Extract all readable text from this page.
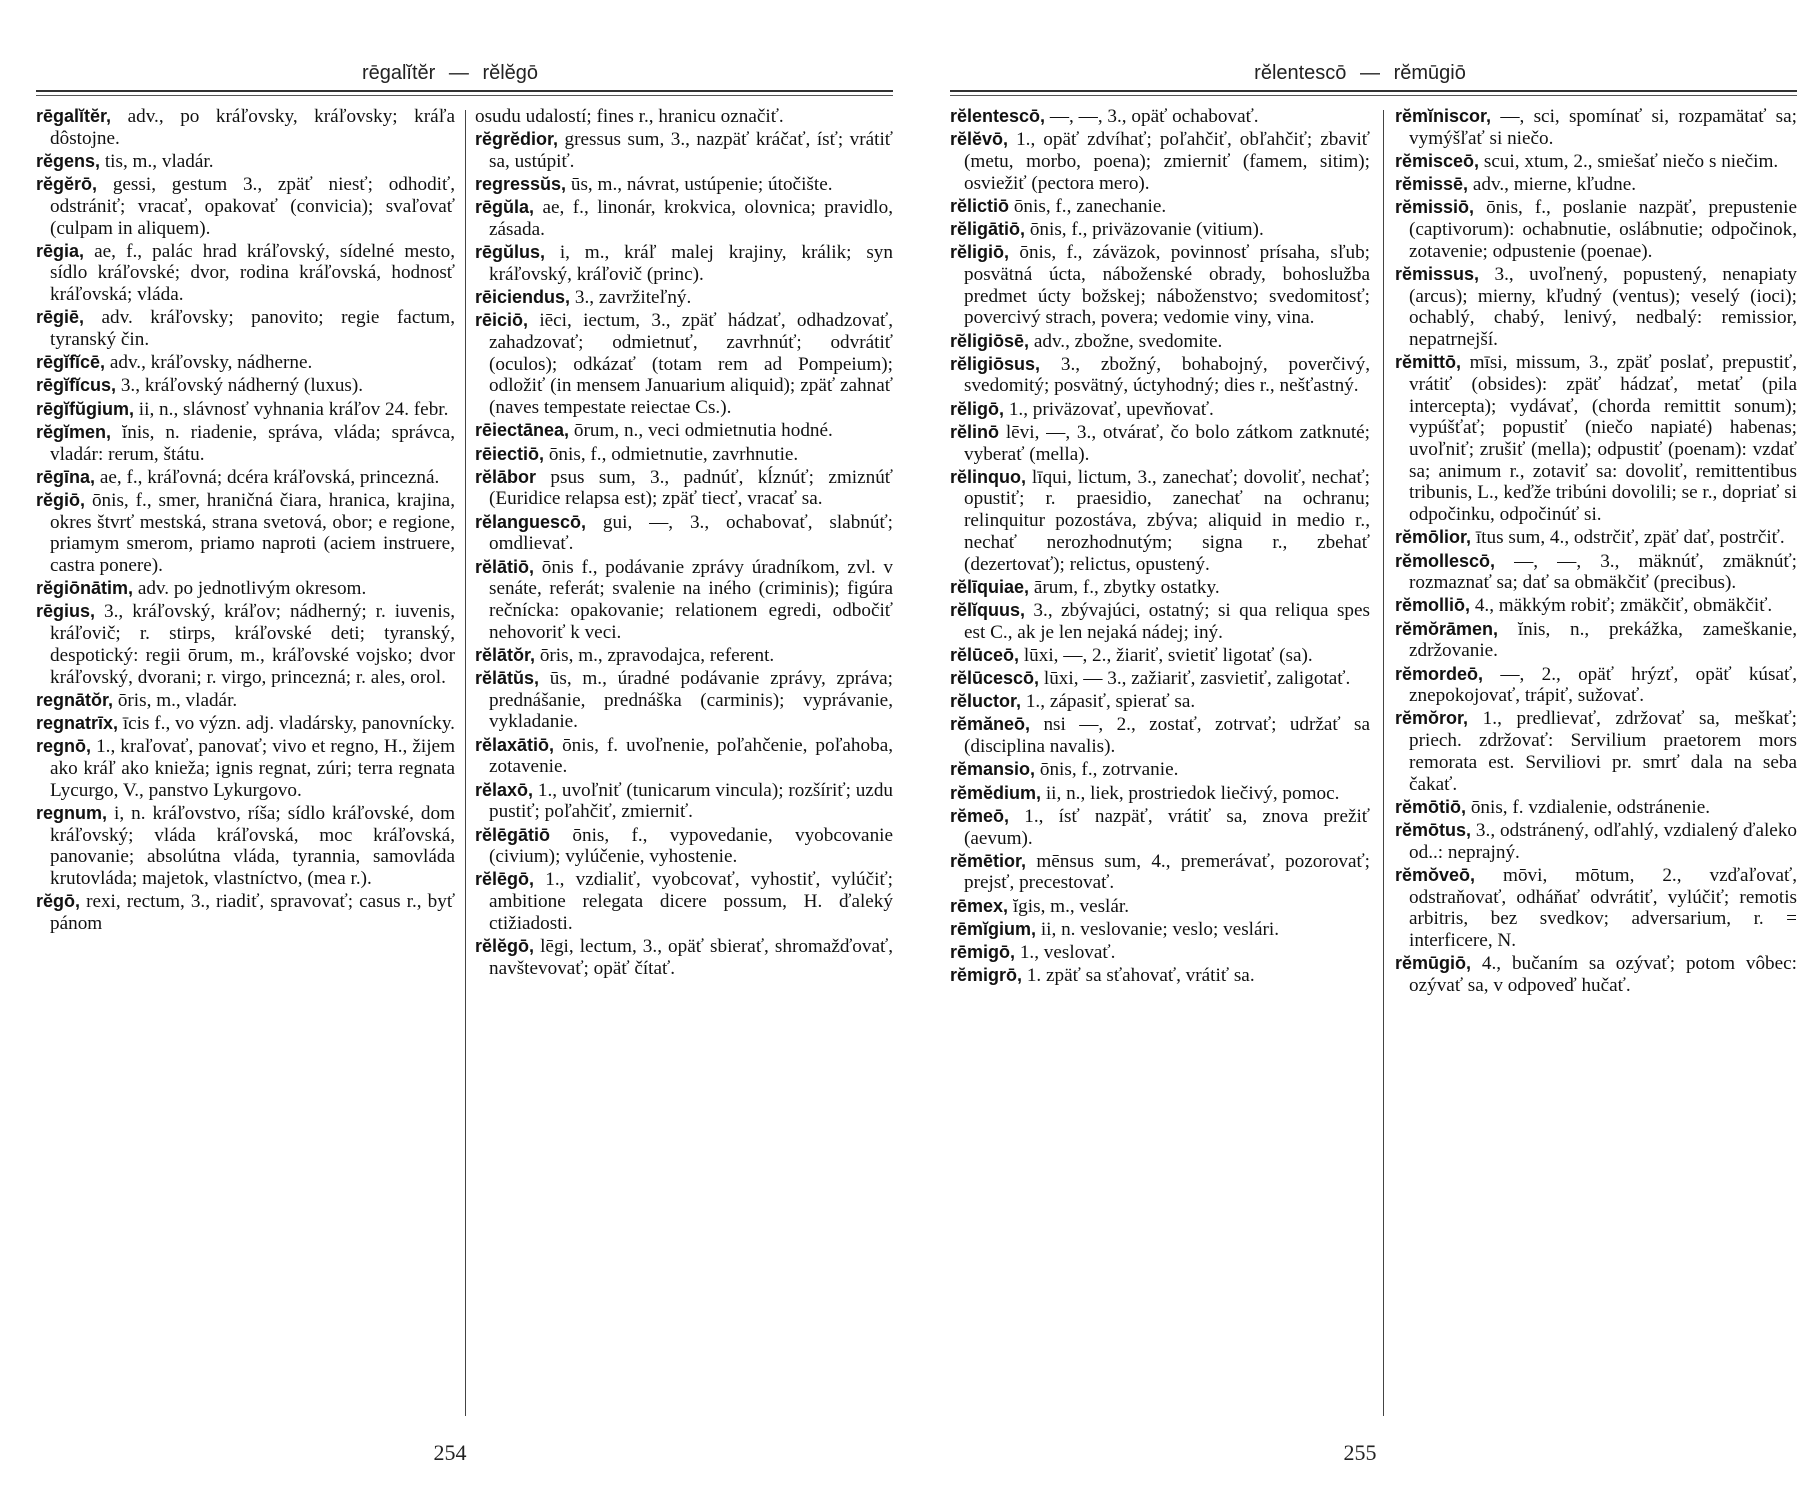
rēgalĭtĕr — rĕlĕgō

rēgalĭtĕr, adv., po kráľovsky, kráľovsky; kráľa dôstojne.

rĕgens, tis, m., vladár.

rĕgĕrō, gessi, gestum 3., zpäť niesť; odhodiť, odstrániť; vracať, opakovať (convicia); svaľovať (culpam in aliquem).

rēgia, ae, f., palác hrad kráľovský, sídelné mesto, sídlo kráľovské; dvor, rodina kráľovská, hodnosť kráľovská; vláda.

rēgiē, adv. kráľovsky; panovito; regie factum, tyranský čin.

rēgĭfĭcē, adv., kráľovsky, nádherne.

rēgĭfĭcus, 3., kráľovský nádherný (luxus).

rēgĭfŭgium, ii, n., slávnosť vyhnania kráľov 24. febr.

rĕgĭmen, ĭnis, n. riadenie, správa, vláda; správca, vladár: rerum, štátu.

rēgīna, ae, f., kráľovná; dcéra kráľovská, princezná.

rĕgiō, ōnis, f., smer, hraničná čiara, hranica, krajina, okres štvrť mestská, strana svetová, obor; e regione, priamym smerom, priamo naproti (aciem instruere, castra ponere).

rĕgiōnātim, adv. po jednotlivým okresom.

rēgius, 3., kráľovský, kráľov; nádherný; r. iuvenis, kráľovič; r. stirps, kráľovské deti; tyranský, despotický: regii ōrum, m., kráľovské vojsko; dvor kráľovský, dvorani; r. virgo, princezná; r. ales, orol.

regnātŏr, ōris, m., vladár.

regnatrīx, īcis f., vo význ. adj. vladársky, panovnícky.

regnō, 1., kraľovať, panovať; vivo et regno, H., žijem ako kráľ ako knieža; ignis regnat, zúri; terra regnata Lycurgo, V., panstvo Lykurgovo.

regnum, i, n. kráľovstvo, ríša; sídlo kráľovské, dom kráľovský; vláda kráľovská, moc kráľovská, panovanie; absolútna vláda, tyrannia, samovláda krutovláda; majetok, vlastníctvo, (mea r.).

rĕgō, rexi, rectum, 3., riadiť, spravovať; casus r., byť pánom

osudu udalostí; fines r., hranicu označiť.

rĕgrĕdior, gressus sum, 3., nazpäť kráčať, ísť; vrátiť sa, ustúpiť.

regressŭs, ūs, m., návrat, ustúpenie; útočište.

rēgŭla, ae, f., linonár, krokvica, olovnica; pravidlo, zásada.

rēgŭlus, i, m., kráľ malej krajiny, králik; syn kráľovský, kráľovič (princ).

rēiciendus, 3., zavržiteľný.

rēiciō, iēci, iectum, 3., zpäť hádzať, odhadzovať, zahadzovať; odmietnuť, zavrhnúť; odvrátiť (oculos); odkázať (totam rem ad Pompeium); odložiť (in mensem Januarium aliquid); zpäť zahnať (naves tempestate reiectae Cs.).

rēiectānea, ōrum, n., veci odmietnutia hodné.

rēiectiō, ōnis, f., odmietnutie, zavrhnutie.

rĕlābor psus sum, 3., padnúť, kĺznúť; zmiznúť (Euridice relapsa est); zpäť tiecť, vracať sa.

rĕlanguescō, gui, —, 3., ochabovať, slabnúť; omdlievať.

rĕlātiō, ōnis f., podávanie zprávy úradníkom, zvl. v senáte, referát; svalenie na iného (criminis); figúra rečnícka: opakovanie; relationem egredi, odbočiť nehovoriť k veci.

rĕlātŏr, ōris, m., zpravodajca, referent.

rĕlātŭs, ūs, m., úradné podávanie zprávy, zpráva; prednášanie, prednáška (carminis); vyprávanie, vykladanie.

rĕlaxātiō, ōnis, f. uvoľnenie, poľahčenie, poľahoba, zotavenie.

rĕlaxō, 1., uvoľniť (tunicarum vincula); rozšíriť; uzdu pustiť; poľahčiť, zmierniť.

rĕlēgātiō ōnis, f., vypovedanie, vyobcovanie (civium); vylúčenie, vyhostenie.

rĕlēgō, 1., vzdialiť, vyobcovať, vyhostiť, vylúčiť; ambitione relegata dicere possum, H. ďaleký ctižiadosti.

rĕlĕgō, lēgi, lectum, 3., opäť sbierať, shromažďovať, navštevovať; opäť čítať.

254
rĕlentescō — rĕmūgiō

rĕlentescō, —, —, 3., opäť ochabovať.

rĕlĕvō, 1., opäť zdvíhať; poľahčiť, obľahčiť; zbaviť (metu, morbo, poena); zmierniť (famem, sitim); osviežiť (pectora mero).

rĕlictiō ōnis, f., zanechanie.

rĕligātiō, ōnis, f., priväzovanie (vitium).

rĕligiō, ōnis, f., záväzok, povinnosť prísaha, sľub; posvätná úcta, náboženské obrady, bohoslužba predmet úcty božskej; náboženstvo; svedomitosť; povercivý strach, povera; vedomie viny, vina.

rĕligiōsē, adv., zbožne, svedomite.

rĕligiōsus, 3., zbožný, bohabojný, poverčivý, svedomitý; posvätný, úctyhodný; dies r., nešťastný.

rĕligō, 1., priväzovať, upevňovať.

rĕlinō lēvi, —, 3., otvárať, čo bolo zátkom zatknuté; vyberať (mella).

rĕlinquo, līqui, lictum, 3., zanechať; dovoliť, nechať; opustiť; r. praesidio, zanechať na ochranu; relinquitur pozostáva, zbýva; aliquid in medio r., nechať nerozhodnutým; signa r., zbehať (dezertovať); relictus, opustený.

rĕlīquiae, ārum, f., zbytky ostatky.

rĕlĭquus, 3., zbývajúci, ostatný; si qua reliqua spes est C., ak je len nejaká nádej; iný.

rĕlūceō, lūxi, —, 2., žiariť, svietiť ligotať (sa).

rĕlūcescō, lūxi, — 3., zažiariť, zasvietiť, zaligotať.

rĕluctor, 1., zápasiť, spierať sa.

rĕmăneō, nsi —, 2., zostať, zotrvať; udržať sa (disciplina navalis).

rĕmansio, ōnis, f., zotrvanie.

rĕmĕdium, ii, n., liek, prostriedok liečivý, pomoc.

rĕmeō, 1., ísť nazpäť, vrátiť sa, znova prežiť (aevum).

rĕmētior, mēnsus sum, 4., premerávať, pozorovať; prejsť, precestovať.

rēmex, ĭgis, m., veslár.

rēmĭgium, ii, n. veslovanie; veslo; veslári.

rēmigō, 1., veslovať.

rĕmigrō, 1. zpäť sa sťahovať, vrátiť sa.

rĕmĭniscor, —, sci, spomínať si, rozpamätať sa; vymýšľať si niečo.

rĕmisceō, scui, xtum, 2., smiešať niečo s niečim.

rĕmissē, adv., mierne, kľudne.

rĕmissiō, ōnis, f., poslanie nazpäť, prepustenie (captivorum): ochabnutie, oslábnutie; odpočinok, zotavenie; odpustenie (poenae).

rĕmissus, 3., uvoľnený, popustený, nenapiaty (arcus); mierny, kľudný (ventus); veselý (ioci); ochablý, chabý, lenivý, nedbalý: remissior, nepatrnejší.

rĕmittō, mīsi, missum, 3., zpäť poslať, prepustiť, vrátiť (obsides): zpäť hádzať, metať (pila intercepta); vydávať, (chorda remittit sonum); vypúšťať; popustiť (niečo napiaté) habenas; uvoľniť; zrušiť (mella); odpustiť (poenam): vzdať sa; animum r., zotaviť sa: dovoliť, remittentibus tribunis, L., keďže tribúni dovolili; se r., dopriať si odpočinku, odpočinúť si.

rĕmōlior, ītus sum, 4., odstrčiť, zpäť dať, postrčiť.

rĕmollescō, —, —, 3., mäknúť, zmäknúť; rozmaznať sa; dať sa obmäkčiť (precibus).

rĕmolliō, 4., mäkkým robiť; zmäkčiť, obmäkčiť.

rĕmŏrāmen, ĭnis, n., prekážka, zameškanie, zdržovanie.

rĕmordeō, —, 2., opäť hrýzť, opäť kúsať, znepokojovať, trápiť, sužovať.

rĕmŏror, 1., predlievať, zdržovať sa, meškať; priech. zdržovať: Servilium praetorem mors remorata est. Serviliovi pr. smrť dala na seba čakať.

rĕmōtiō, ōnis, f. vzdialenie, odstránenie.

rĕmōtus, 3., odstránený, odľahlý, vzdialený ďaleko od..: neprajný.

rĕmŏveō, mōvi, mōtum, 2., vzďaľovať, odstraňovať, odháňať odvrátiť, vylúčiť; remotis arbitris, bez svedkov; adversarium, r. = interficere, N.

rĕmūgiō, 4., bučaním sa ozývať; potom vôbec: ozývať sa, v odpoveď hučať.

255
